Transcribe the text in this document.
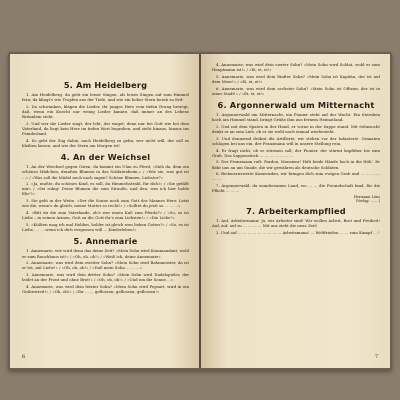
5. Am Heidelberg

1. Am Heidelberg, da geht ein leiser Singen, als leises Singen auf zum Himmel fern; da klingt's wie Tropfen aus der Tiefe, und wie ein hoher Stern herab zu Erd'.

2. Da schwanken, klagen die Lieder, ihr junges Herz vom tiefen Drang bewegt, daß, wenn ein Knecht nur wenig Lieder kannte, daß immer an des Lebens Brünnlein steht.

3. Und wer die Lieder singt, der lebt, der waget; denn nur bei Gott wie bei dem Vaterland, da liegt kein Herz im tiefen Wort begraben, und zieht hinaus, hinaus ins Feindesland.

4. So geht der Zug dahin, nach Heidelberg zu gehn, wer nicht will, der soll es bleiben lassen, und wie der Stern am Morgen ist!

4. An der Weichsel

1. An der Weichsel gegen Osten, da kommt ein Ulan zu Pferd, »Sieh da, dem ein schönes Mädchen, draußen Blumen in das Soldatenheim.« / »Wie sie, was gut ist ...« / »Was soll die Mädel noch nach sagen? Schöne Blumen, Liebster?«

2. »Ja, mußte, du schönes Kind, es soll, du Himmelsstrahl, für dich!« / »Sie gefällt mir« / »Sei ruhig! Deine Blumen die zum Strauße, und den, was ich hier holde Ehr'?«

3. Sie geht in der Weite, »Der die Sonne noch zum Gott des Mannes Herz: Letzt wie die, wenn's du gleich, meine Mutter so recht!« / »Solltet du jetzt so ... ... ...«

4. »Bitt du die zum Vaterlande, ob's wer einen Kuß zum Pferde?« / »So, es ist Liebe – in seinen Armen, Gott zu dir, Gott ihr's zum Liebsten!« / »Die Liebe?«

5. »Küßten mag ich mal Holden, holder ist gleich wen lieben Gottes?« / »So, es ist Liebe, ... ... wenn ich dich vergessen will ... Kinderleben!«

5. Annemarie

1. Annemarie, wie wird denn das deine Zeit? »Mein Sohn wird Kommandant, wohl er zum Rauchhaus ist!« / »Oh, oh, oh!« / »Weiß ich, deine Annemarie«.

2. Annemarie, was wird dein zweiter Sohn? »Mein Sohn wird Bahnmeister, da ist er tot, mit Liebe!« / »Oh, oh, oh!« / »Daß mein Sohn ... ... ...«

3. Annemarie, was wird dein dritter Sohn? »Mein Sohn wird Dudelspieler, der leidet an der Front und ohne Brot!« / »Oh, oh, oh!« / »Und um die Sonne ...«

4. Annemarie, was wird dein letzter Sohn? »Mein Sohn wird Popsatt, wird in ein Grabestreit!« / »Oh, oh!« / »Ihr ... ... geflossen, geflossen, geflossen!«

6

4. Annemarie, was wird dein vierter Sohn? »Mein Sohn wird Soldat, wohl er zum Hauptmann ist!« / »Ei, ei, ei!«

5. Annemarie, was wird dein fünfter Sohn? »Mein Sohn ist Kapitän, der ist auf dem Meer!« / »Ei, ei, ei!«

6. Annemarie, was wird dein sechster Sohn? »Mein Sohn ist Offizier, der ist in einer Stadt!« / »Ei, ei, ei!«

6. Argonnerwald um Mitternacht

1. Argonnerwald um Mitternacht, ein Pionier steht auf der Wacht. Ein Sternlein hoch am Himmel stand, bringt Grüße ihm aus fernem Heimatland.

2. Und mit dem Spaten in der Hand, er vorne in der Sappe stand. Mit Sehnsucht denkt er an sein Lieb, ob er sie wohl noch einmal wiedersieht.

3. Und donnernd dröhnt die Artillerie; wir stehen vor der Infanterie. Granaten schlagen bei uns ein, der Franzmann will in unsere Stellung rein.

4. Er fragt nicht, ob er stürmen soll; der Pionier, der stürmt kopfüber bis zum Grab. Das Sappenstück ... ... ... ... ... ... ...

5. Der Franzmann ruft: Pardon, Monsieur! Hält beide Hände hoch in die Höh'. Er fleht uns an um Gnade, die wir gewähren als deutsche Soldaten.

6. Bedauernswerte Kameraden, wir bringen dich zum ewigen Grab und ... ... ... ... ... ...

7. Argonnerwald, du wundersames Land, wo ... ... die Freundschaft fand, für die Pflicht ... ... ...

Hermann Löns
(Verlag: ... ...)

7. Arbeiterkampflied

1. Auf, Arbeitermann! Ja, wir Arbeiter sind! Wir wollen Arbeit, Brot und Freiheit! Auf, auf, auf zu ... ... ... ... Mit uns zieht die neue Zeit!

2. Und auf ... ... ... ... ... ... ... ... ... Arbeitsmann! ... Weltfrieden ... ... zum Kampf ... !

7
